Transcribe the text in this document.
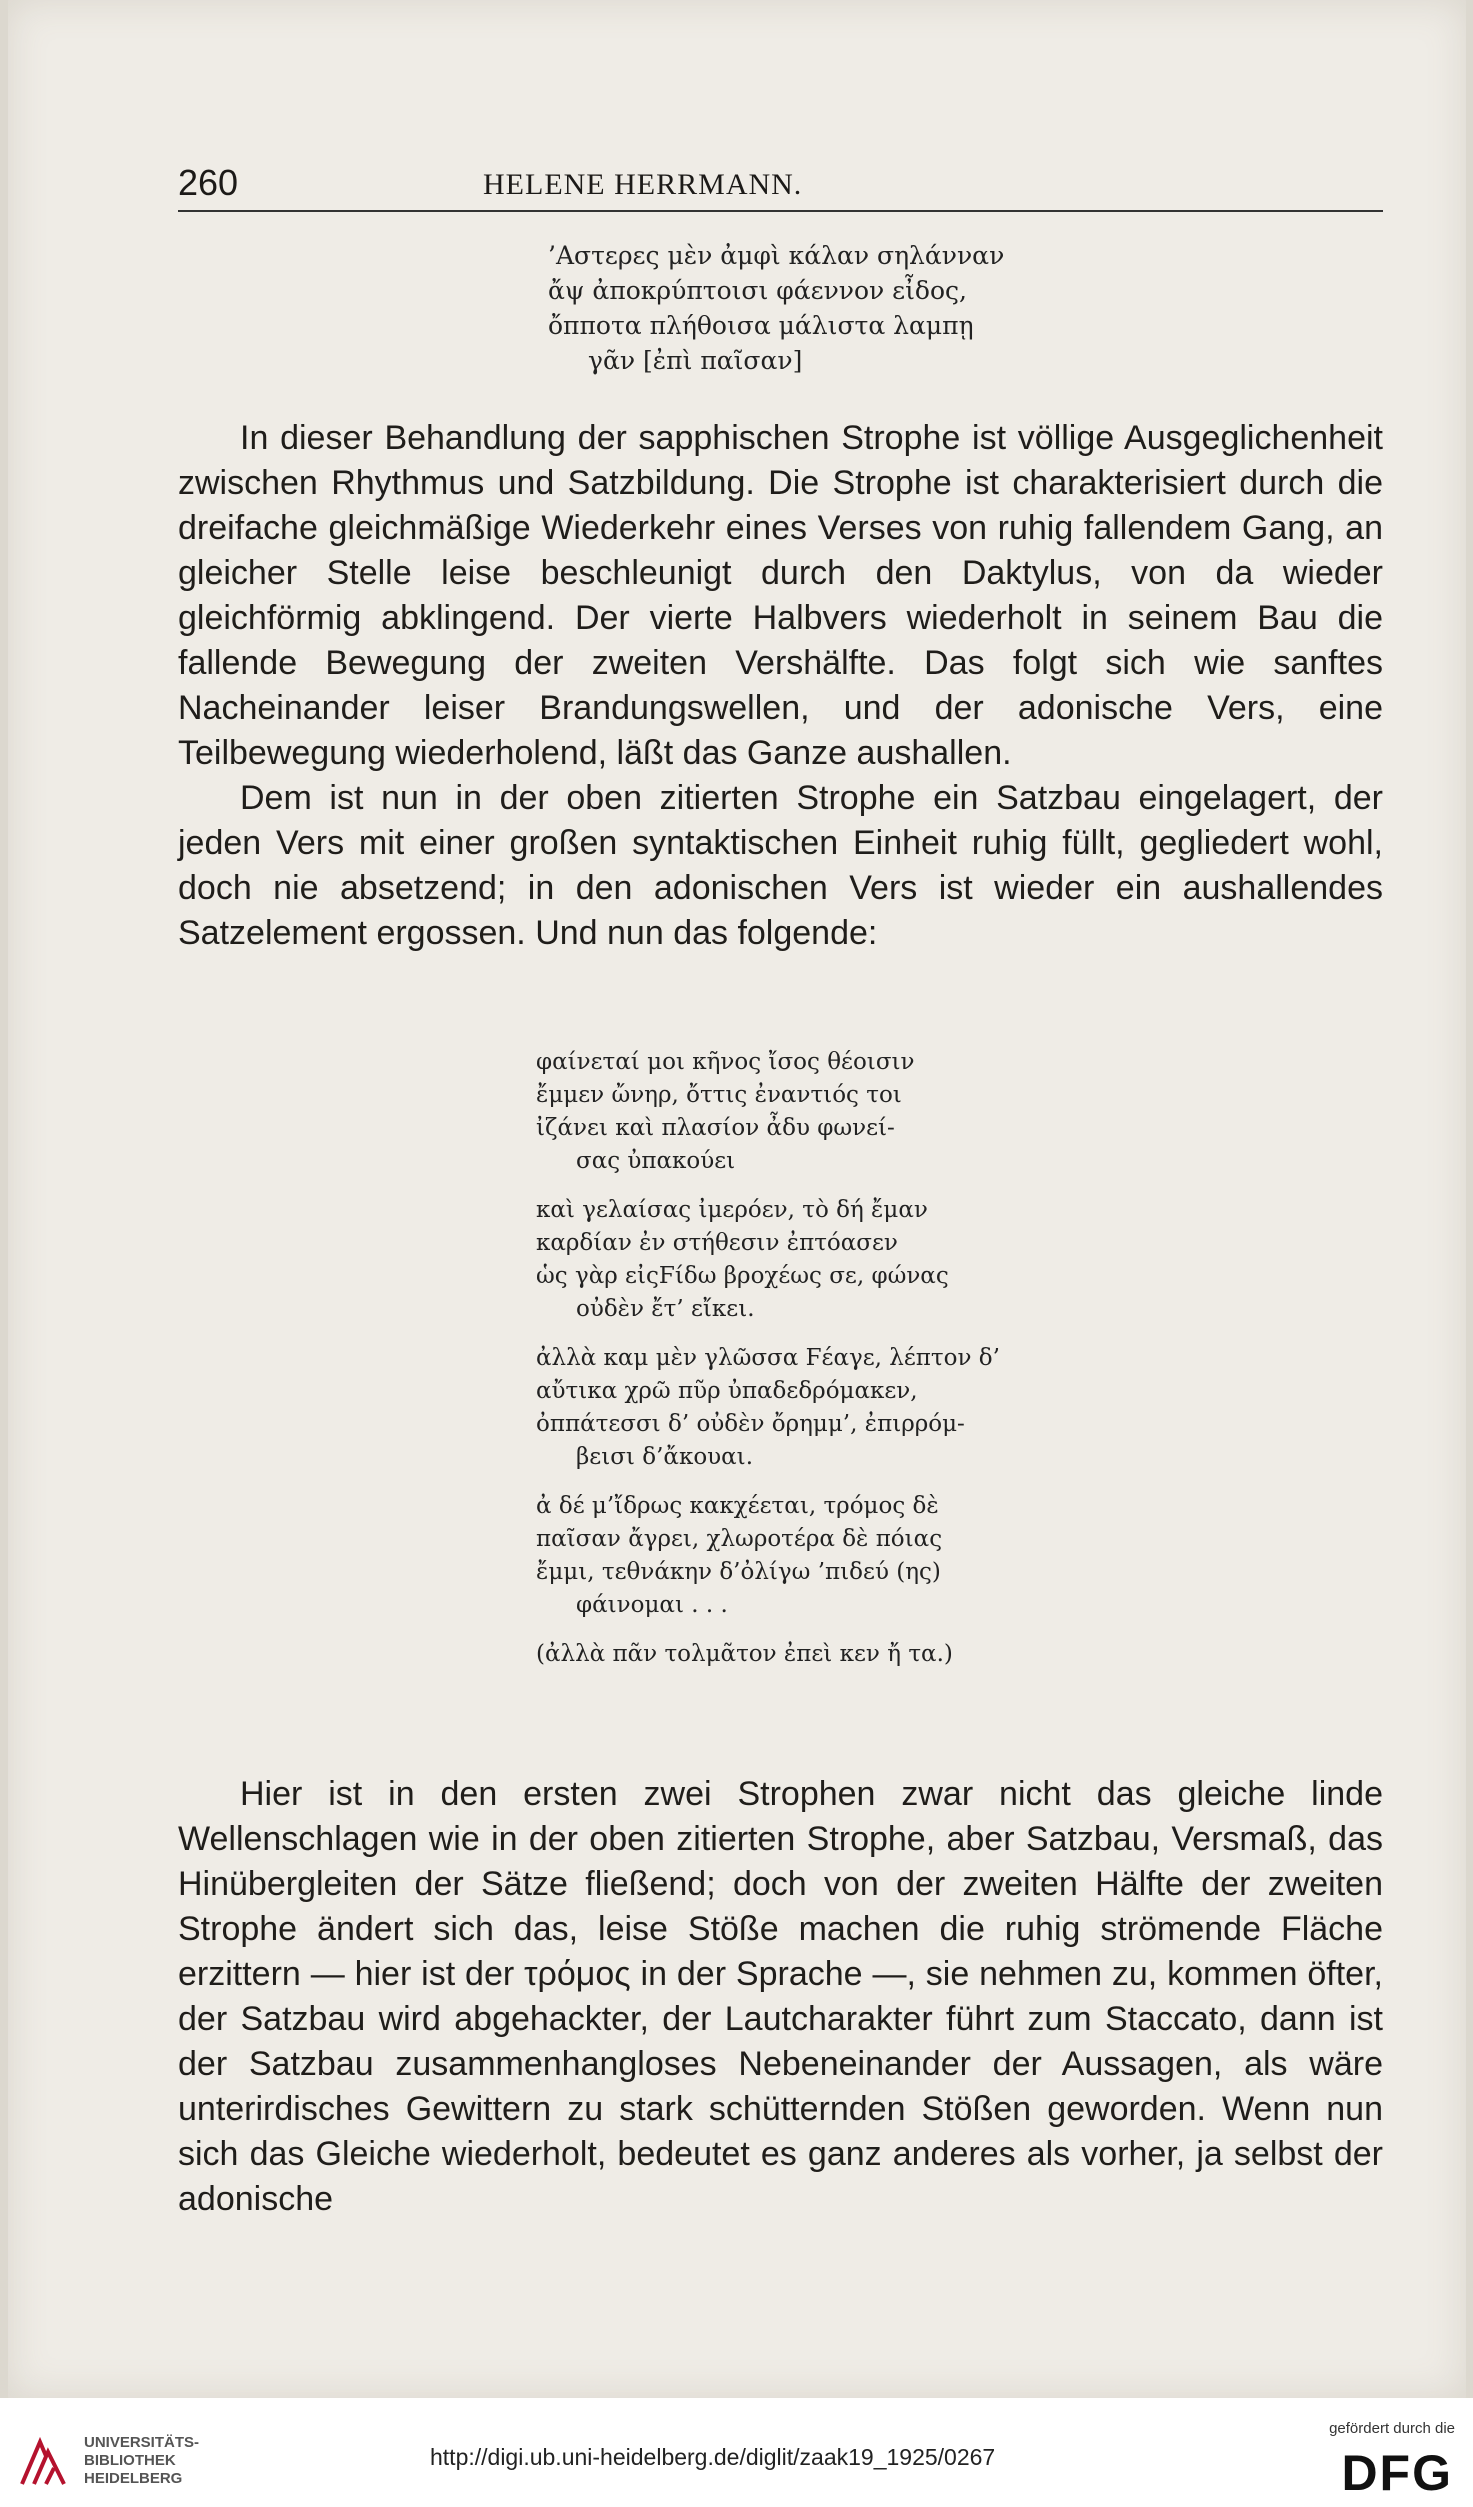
260	HELENE HERRMANN.
’Αστερες μὲν ἀμφὶ κάλαν σηλάνναν
ἄψ ἀποκρύπτοισι φάεννον εἶδος,
ὄπποτα πλήθοισα μάλιστα λαμπῃ
γᾶν [ἐπὶ παῖσαν]

In dieser Behandlung der sapphischen Strophe ist völlige Ausgeglichenheit zwischen Rhythmus und Satzbildung. Die Strophe ist charakterisiert durch die dreifache gleichmäßige Wiederkehr eines Verses von ruhig fallendem Gang, an gleicher Stelle leise beschleunigt durch den Daktylus, von da wieder gleichförmig abklingend. Der vierte Halbvers wiederholt in seinem Bau die fallende Bewegung der zweiten Vershälfte. Das folgt sich wie sanftes Nacheinander leiser Brandungswellen, und der adonische Vers, eine Teilbewegung wiederholend, läßt das Ganze aushallen.

Dem ist nun in der oben zitierten Strophe ein Satzbau eingelagert, der jeden Vers mit einer großen syntaktischen Einheit ruhig füllt, gegliedert wohl, doch nie absetzend; in den adonischen Vers ist wieder ein aushallendes Satzelement ergossen. Und nun das folgende:

φαίνεταί μοι κῆνος ἴσος θέοισιν
ἔμμεν ὤνηρ, ὄττις ἐναντιός τοι
ἰζάνει καὶ πλασίον ἆδυ φωνεί-
σας ὐπακούει
καὶ γελαίσας ἰμερόεν, τὸ δή ἔμαν
καρδίαν ἐν στήθεσιν ἐπτόασεν
ὡς γὰρ εἰςϜίδω βροχέως σε, φώνας
οὐδὲν ἔτ’ εἴκει.
ἀλλὰ καμ μὲν γλῶσσα Ϝέαγε, λέπτον δ’
αὔτικα χρῶ πῦρ ὐπαδεδρόμακεν,
ὀππάτεσσι δ’ οὐδὲν ὄρημμ’, ἐπιρρόμ-
βεισι δ’ἄκουαι.
ἀ δέ μ’ἴδρως κακχέεται, τρόμος δὲ
παῖσαν ἄγρει, χλωροτέρα δὲ πόιας
ἔμμι, τεθνάκην δ’ὀλίγω ’πιδεύ (ης)
φάινομαι . . .
(ἀλλὰ πᾶν τολμᾶτον ἐπεὶ κεν ἤ τα.)

Hier ist in den ersten zwei Strophen zwar nicht das gleiche linde Wellenschlagen wie in der oben zitierten Strophe, aber Satzbau, Versmaß, das Hinübergleiten der Sätze fließend; doch von der zweiten Hälfte der zweiten Strophe ändert sich das, leise Stöße machen die ruhig strömende Fläche erzittern — hier ist der τρόμος in der Sprache —, sie nehmen zu, kommen öfter, der Satzbau wird abgehackter, der Lautcharakter führt zum Staccato, dann ist der Satzbau zusammenhangloses Nebeneinander der Aussagen, als wäre unterirdisches Gewittern zu stark schütternden Stößen geworden. Wenn nun sich das Gleiche wiederholt, bedeutet es ganz anderes als vorher, ja selbst der adonische

UNIVERSITÄTS-
BIBLIOTHEK
HEIDELBERG
http://digi.ub.uni-heidelberg.de/diglit/zaak19_1925/0267
gefördert durch die
DFG
